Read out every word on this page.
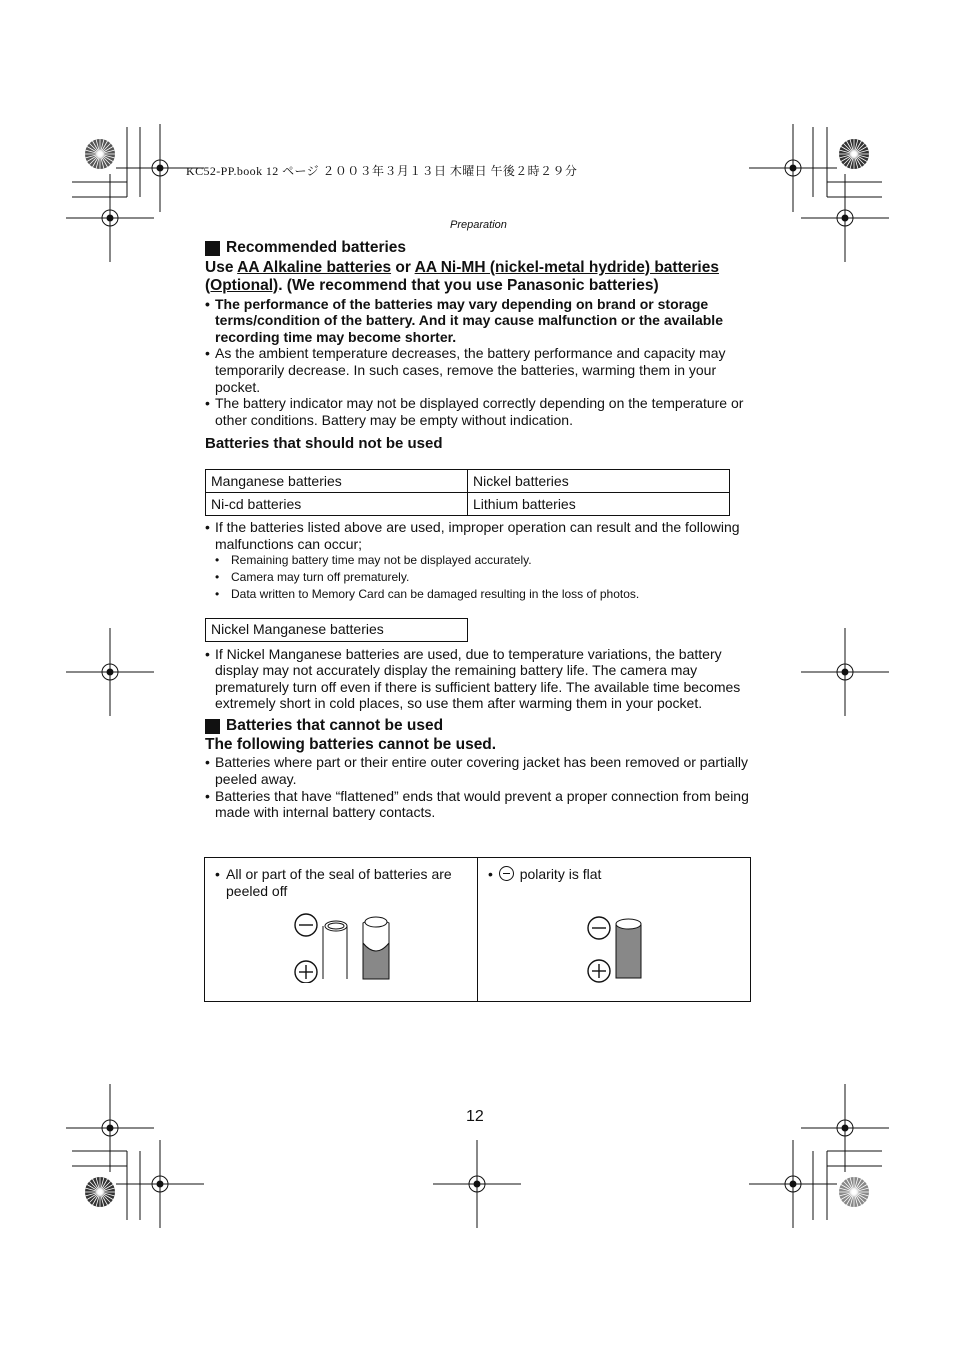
KC52-PP.book 12 ページ ２００３年３月１３日 木曜日 午後２時２９分
Preparation
Recommended batteries

Use AA Alkaline batteries or AA Ni-MH (nickel-metal hydride) batteries (Optional). (We recommend that you use Panasonic batteries)

• The performance of the batteries may vary depending on brand or storage terms/condition of the battery. And it may cause malfunction or the available recording time may become shorter.
• As the ambient temperature decreases, the battery performance and capacity may temporarily decrease. In such cases, remove the batteries, warming them in your pocket.
• The battery indicator may not be displayed correctly depending on the temperature or other conditions. Battery may be empty without indication.

Batteries that should not be used

Manganese batteries	Nickel batteries
Ni-cd batteries	Lithium batteries
• If the batteries listed above are used, improper operation can result and the following malfunctions can occur;
• Remaining battery time may not be displayed accurately.
• Camera may turn off prematurely.
• Data written to Memory Card can be damaged resulting in the loss of photos.
Nickel Manganese batteries
• If Nickel Manganese batteries are used, due to temperature variations, the battery display may not accurately display the remaining battery life. The camera may prematurely turn off even if there is sufficient battery life. The available time becomes extremely short in cold places, so use them after warming them in your pocket.
Batteries that cannot be used

The following batteries cannot be used.

• Batteries where part or their entire outer covering jacket has been removed or partially peeled away.
• Batteries that have “flattened” ends that would prevent a proper connection from being made with internal battery contacts.
• All or part of the seal of batteries are peeled off
• polarity is flat
12
